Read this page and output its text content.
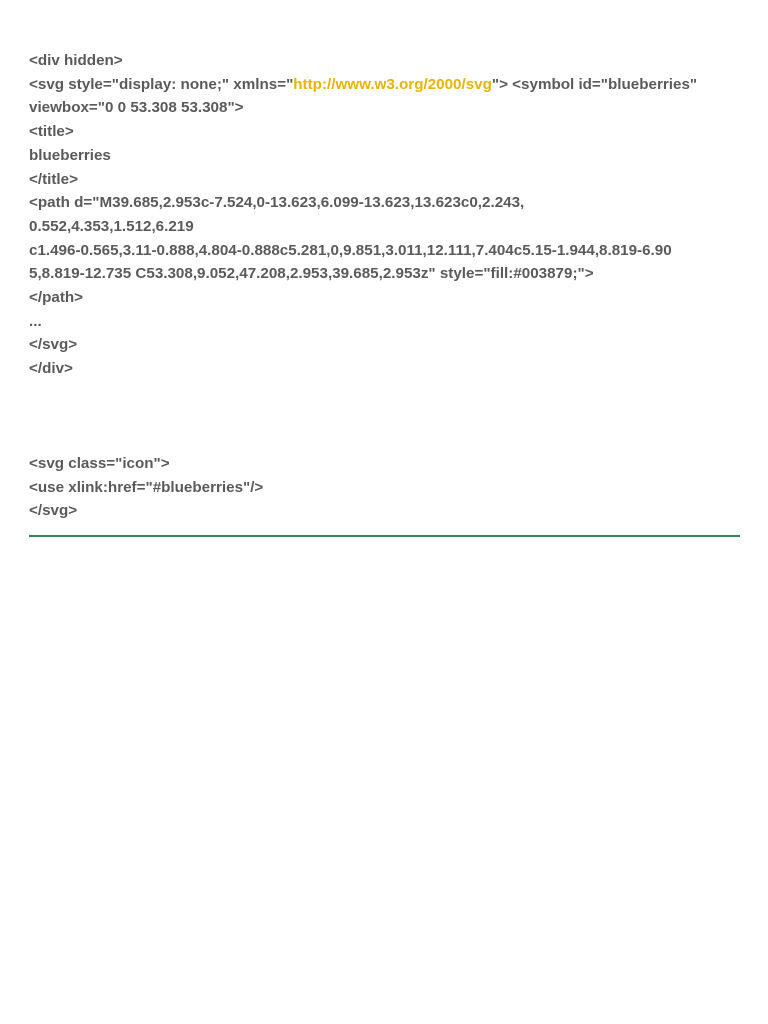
<div hidden>
<svg style="display: none;" xmlns="http://www.w3.org/2000/svg"> <symbol id="blueberries"
viewbox="0 0 53.308 53.308">
<title>
blueberries
</title>
<path d="M39.685,2.953c-7.524,0-13.623,6.099-13.623,13.623c0,2.243,
0.552,4.353,1.512,6.219
c1.496-0.565,3.11-0.888,4.804-0.888c5.281,0,9.851,3.011,12.111,7.404c5.15-1.944,8.819-6.90
5,8.819-12.735 C53.308,9.052,47.208,2.953,39.685,2.953z" style="fill:#003879;">
</path>
...
</svg>
</div>
<svg class="icon">
<use xlink:href="#blueberries"/>
</svg>
